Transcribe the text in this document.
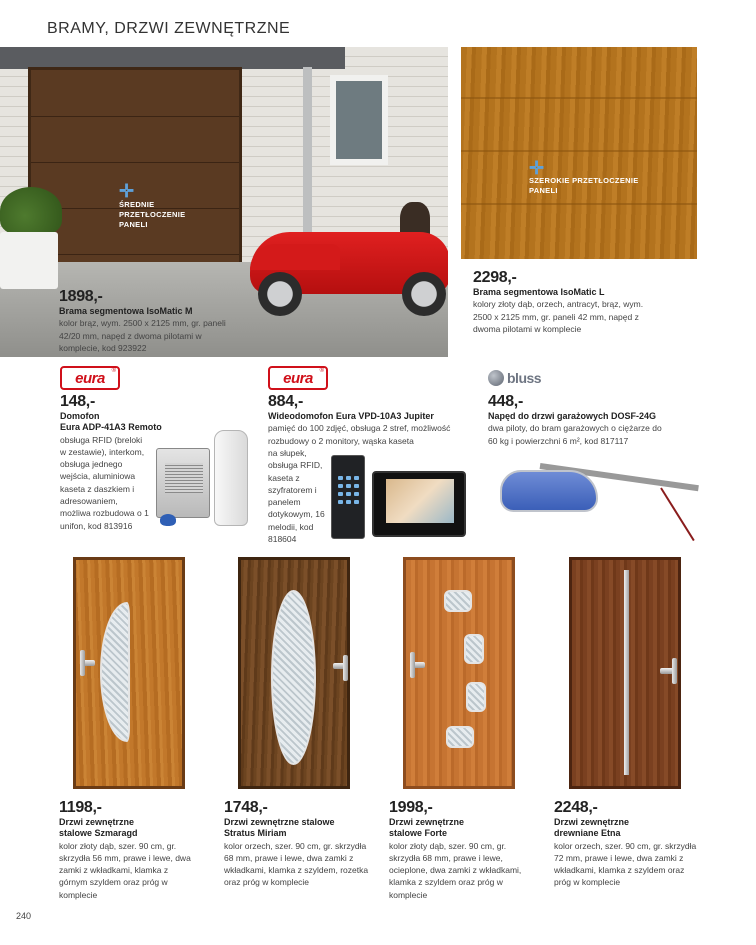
BRAMY, DRZWI ZEWNĘTRZNE
✛
ŚREDNIE
PRZETŁOCZENIE
PANELI
1898,-
Brama segmentowa IsoMatic M
kolor brąz, wym. 2500 x 2125 mm, gr. paneli 42/20 mm, napęd z dwoma pilotami w komplecie, kod 923922
✛
SZEROKIE PRZETŁOCZENIE
PANELI
2298,-
Brama segmentowa IsoMatic L
kolory złoty dąb, orzech, antracyt, brąz, wym. 2500 x 2125 mm, gr. paneli 42 mm, napęd z dwoma pilotami w komplecie
eura ®
148,-
Domofon
Eura ADP-41A3 Remoto
obsługa RFID (breloki w zestawie), interkom, obsługa jednego wejścia, aluminiowa kaseta z daszkiem i adresowaniem, możliwa rozbudowa o 1 unifon, kod 813916
eura ®
884,-
Wideodomofon Eura VPD-10A3 Jupiter
pamięć do 100 zdjęć, obsługa 2 stref, możliwość rozbudowy o 2 monitory, wąska kaseta
na słupek, obsługa RFID, kaseta z szyfratorem i panelem dotykowym, 16 melodii, kod 818604
bluss
448,-
Napęd do drzwi garażowych DOSF-24G
dwa piloty, do bram garażowych o ciężarze do 60 kg i powierzchni 6 m², kod 817117
1198,-
Drzwi zewnętrzne
stalowe Szmaragd
kolor złoty dąb, szer. 90 cm, gr. skrzydła 56 mm, prawe i lewe, dwa zamki z wkładkami, klamka z górnym szyldem oraz próg w komplecie
1748,-
Drzwi zewnętrzne stalowe
Stratus Miriam
kolor orzech, szer. 90 cm, gr. skrzydła 68 mm, prawe i lewe, dwa zamki z wkładkami, klamka z szyldem, rozetka oraz próg w komplecie
1998,-
Drzwi zewnętrzne
stalowe Forte
kolor złoty dąb, szer. 90 cm, gr. skrzydła 68 mm, prawe i lewe, ocieplone, dwa zamki z wkładkami, klamka z szyldem oraz próg w komplecie
2248,-
Drzwi zewnętrzne
drewniane Etna
kolor orzech, szer. 90 cm, gr. skrzydła 72 mm, prawe i lewe, dwa zamki z wkładkami, klamka z szyldem oraz próg w komplecie
240
